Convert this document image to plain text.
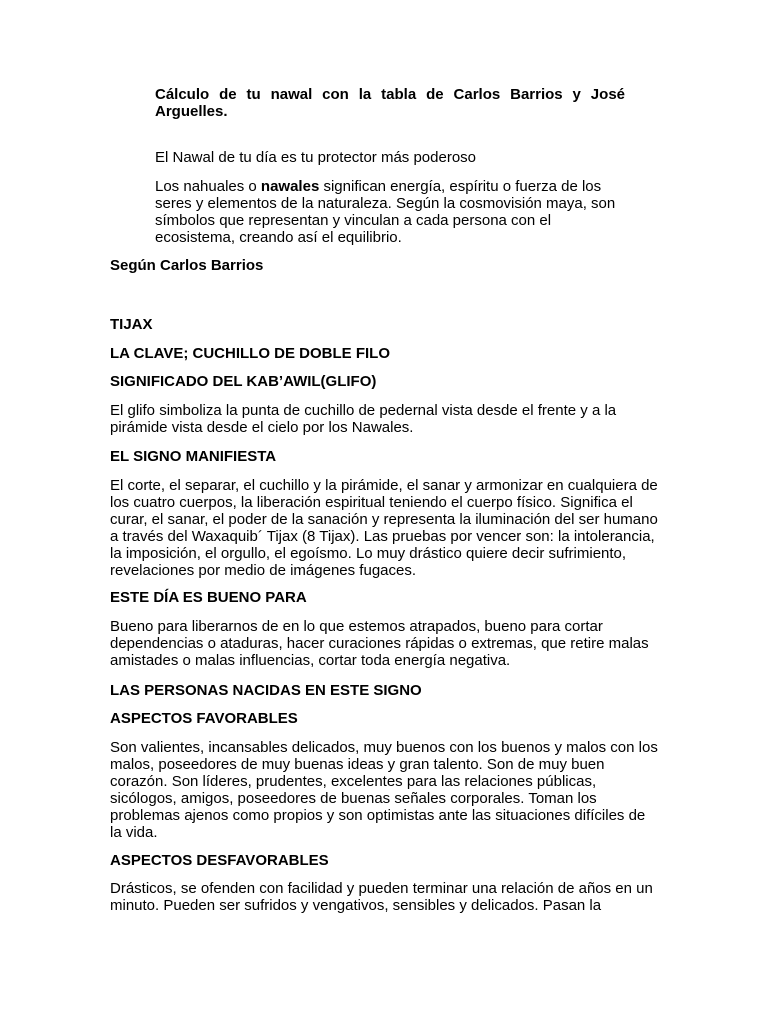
Cálculo de tu nawal con la tabla de Carlos Barrios y José Arguelles.

El Nawal de tu día es tu protector más poderoso

Los nahuales o nawales significan energía, espíritu o fuerza de los seres y elementos de la naturaleza. Según la cosmovisión maya, son símbolos que representan y vinculan a cada persona con el ecosistema, creando así el equilibrio.

Según Carlos Barrios

TIJAX

LA CLAVE; CUCHILLO DE DOBLE FILO

SIGNIFICADO DEL KAB’AWIL(GLIFO)

El glifo simboliza la punta de cuchillo de pedernal vista desde el frente y a la pirámide vista desde el cielo por los Nawales.

EL SIGNO MANIFIESTA

El corte, el separar, el cuchillo y la pirámide, el sanar y armonizar en cualquiera de los cuatro cuerpos, la liberación espiritual teniendo el cuerpo físico. Significa el curar, el sanar, el poder de la sanación y representa la iluminación del ser humano a través del Waxaquib´ Tijax (8 Tijax). Las pruebas por vencer son: la intolerancia, la imposición, el orgullo, el egoísmo. Lo muy drástico quiere decir sufrimiento, revelaciones por medio de imágenes fugaces.

ESTE DÍA ES BUENO PARA

Bueno para liberarnos de en lo que estemos atrapados, bueno para cortar dependencias o ataduras, hacer curaciones rápidas o extremas, que retire malas amistades o malas influencias, cortar toda energía negativa.

LAS PERSONAS NACIDAS EN ESTE SIGNO

ASPECTOS FAVORABLES

Son valientes, incansables delicados, muy buenos con los buenos y malos con los malos, poseedores de muy buenas ideas y gran talento. Son de muy buen corazón. Son líderes, prudentes, excelentes para las relaciones públicas, sicólogos, amigos, poseedores de buenas señales corporales. Toman los problemas ajenos como propios y son optimistas ante las situaciones difíciles de la vida.

ASPECTOS DESFAVORABLES

Drásticos, se ofenden con facilidad y pueden terminar una relación de años en un minuto. Pueden ser sufridos y vengativos, sensibles y delicados. Pasan la
